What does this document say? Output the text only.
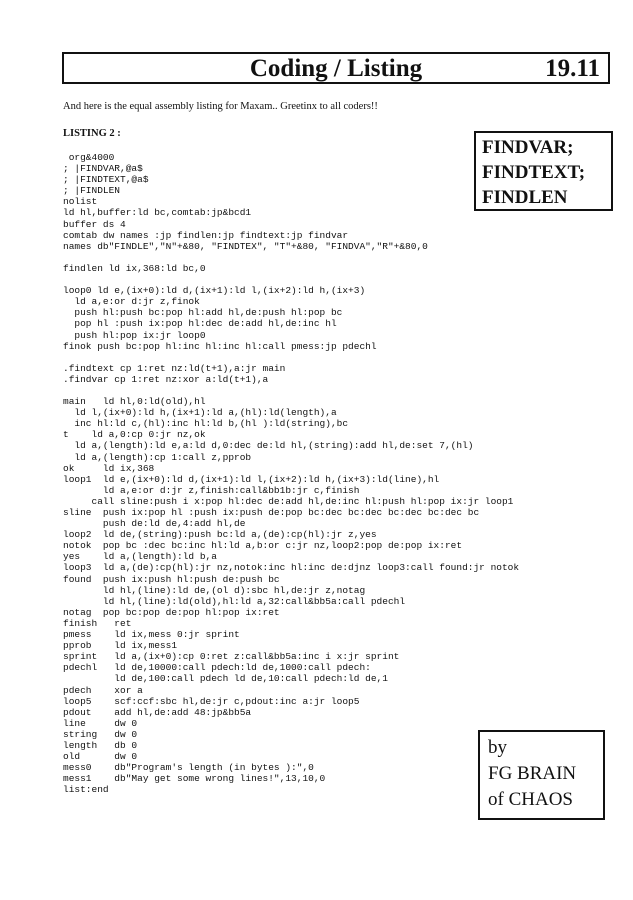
Coding / Listing	19.11
And here is the equal assembly listing for Maxam.. Greetinx to all coders!!
LISTING 2 :
FINDVAR;
FINDTEXT;
FINDLEN
org&4000
; |FINDVAR,@a$
; |FINDTEXT,@a$
; |FINDLEN
nolist
ld hl,buffer:ld bc,comtab:jp&bcd1
buffer ds 4
comtab dw names :jp findlen:jp findtext:jp findvar
names db"FINDLE","N"+&80, "FINDTEX", "T"+&80, "FINDVA","R"+&80,0
findlen ld ix,368:ld bc,0
loop0 ld e,(ix+0):ld d,(ix+1):ld l,(ix+2):ld h,(ix+3)
ld a,e:or d:jr z,finok
push hl:push bc:pop hl:add hl,de:push hl:pop bc
pop hl :push ix:pop hl:dec de:add hl,de:inc hl
push hl:pop ix:jr loop0
finok push bc:pop hl:inc hl:inc hl:call pmess:jp pdechl
.findtext cp 1:ret nz:ld(t+1),a:jr main
.findvar cp 1:ret nz:xor a:ld(t+1),a
main   ld hl,0:ld(old),hl
ld l,(ix+0):ld h,(ix+1):ld a,(hl):ld(length),a
inc hl:ld c,(hl):inc hl:ld b,(hl ):ld(string),bc
t    ld a,0:cp 0:jr nz,ok
ld a,(length):ld e,a:ld d,0:dec de:ld hl,(string):add hl,de:set 7,(hl)
ld a,(length):cp 1:call z,pprob
ok     ld ix,368
loop1  ld e,(ix+0):ld d,(ix+1):ld l,(ix+2):ld h,(ix+3):ld(line),hl
ld a,e:or d:jr z,finish:call&bb1b:jr c,finish
call sline:push i x:pop hl:dec de:add hl,de:inc hl:push hl:pop ix:jr loop1
sline  push ix:pop hl :push ix:push de:pop bc:dec bc:dec bc:dec bc:dec bc
push de:ld de,4:add hl,de
loop2  ld de,(string):push bc:ld a,(de):cp(hl):jr z,yes
notok  pop bc :dec bc:inc hl:ld a,b:or c:jr nz,loop2:pop de:pop ix:ret
yes    ld a,(length):ld b,a
loop3  ld a,(de):cp(hl):jr nz,notok:inc hl:inc de:djnz loop3:call found:jr notok
found  push ix:push hl:push de:push bc
ld hl,(line):ld de,(ol d):sbc hl,de:jr z,notag
ld hl,(line):ld(old),hl:ld a,32:call&bb5a:call pdechl
notag  pop bc:pop de:pop hl:pop ix:ret
finish   ret
pmess    ld ix,mess 0:jr sprint
pprob    ld ix,mess1
sprint   ld a,(ix+0):cp 0:ret z:call&bb5a:inc i x:jr sprint
pdechl   ld de,10000:call pdech:ld de,1000:call pdech:
ld de,100:call pdech ld de,10:call pdech:ld de,1
pdech    xor a
loop5    scf:ccf:sbc hl,de:jr c,pdout:inc a:jr loop5
pdout    add hl,de:add 48:jp&bb5a
line     dw 0
string   dw 0
length   db 0
old      dw 0
mess0    db"Program's length (in bytes ):",0
mess1    db"May get some wrong lines!",13,10,0
list:end
by
FG BRAIN
of CHAOS
